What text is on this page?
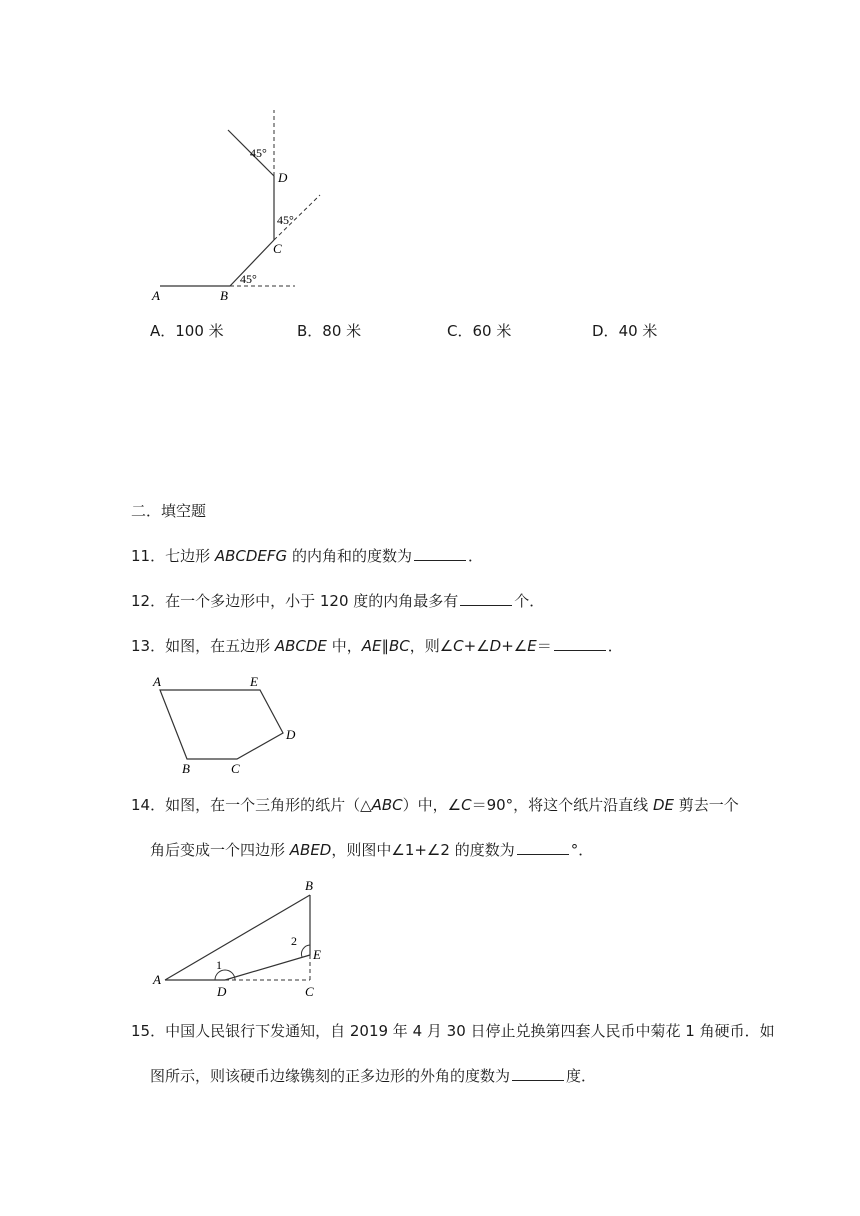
A	B
C
D
45°
45°
45°
A．100 米	B．80 米	C．60 米	D．40 米
二．填空题
11．七边形 ABCDEFG 的内角和的度数为	．
12．在一个多边形中，小于 120 度的内角最多有	个．
13．如图，在五边形 ABCDE 中，AE∥BC，则∠C+∠D+∠E＝	．
A	E
D
C
B
14．如图，在一个三角形的纸片（△ABC）中，∠C＝90°，将这个纸片沿直线 DE 剪去一个
角后变成一个四边形 ABED，则图中∠1+∠2 的度数为	°．
A
B
E
D	C
1
2
15．中国人民银行下发通知，自 2019 年 4 月 30 日停止兑换第四套人民币中菊花 1 角硬币．如
图所示，则该硬币边缘镌刻的正多边形的外角的度数为	度．
